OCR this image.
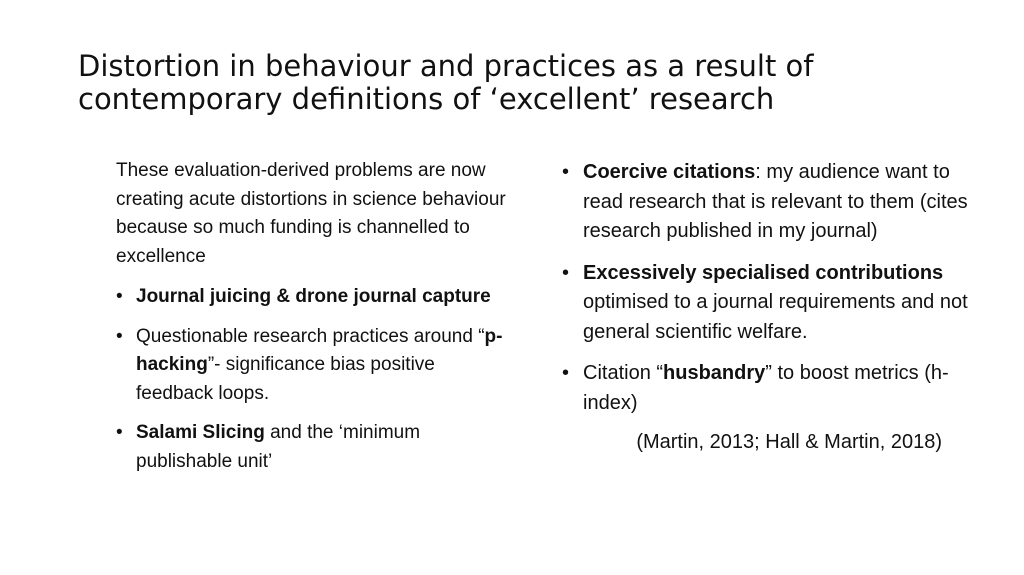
Distortion in behaviour and practices as a result of contemporary definitions of ‘excellent’ research
These evaluation-derived problems are now creating acute distortions in science behaviour because so much funding is channelled to excellence
• Journal juicing & drone journal capture
• Questionable research practices around “p-hacking”- significance bias positive feedback loops.
• Salami Slicing and the ‘minimum publishable unit’
• Coercive citations: my audience want to read research that is relevant to them (cites research published in my journal)
• Excessively specialised contributions optimised to a journal requirements and not general scientific welfare.
• Citation “husbandry” to boost metrics (h-index)
(Martin, 2013; Hall & Martin, 2018)
